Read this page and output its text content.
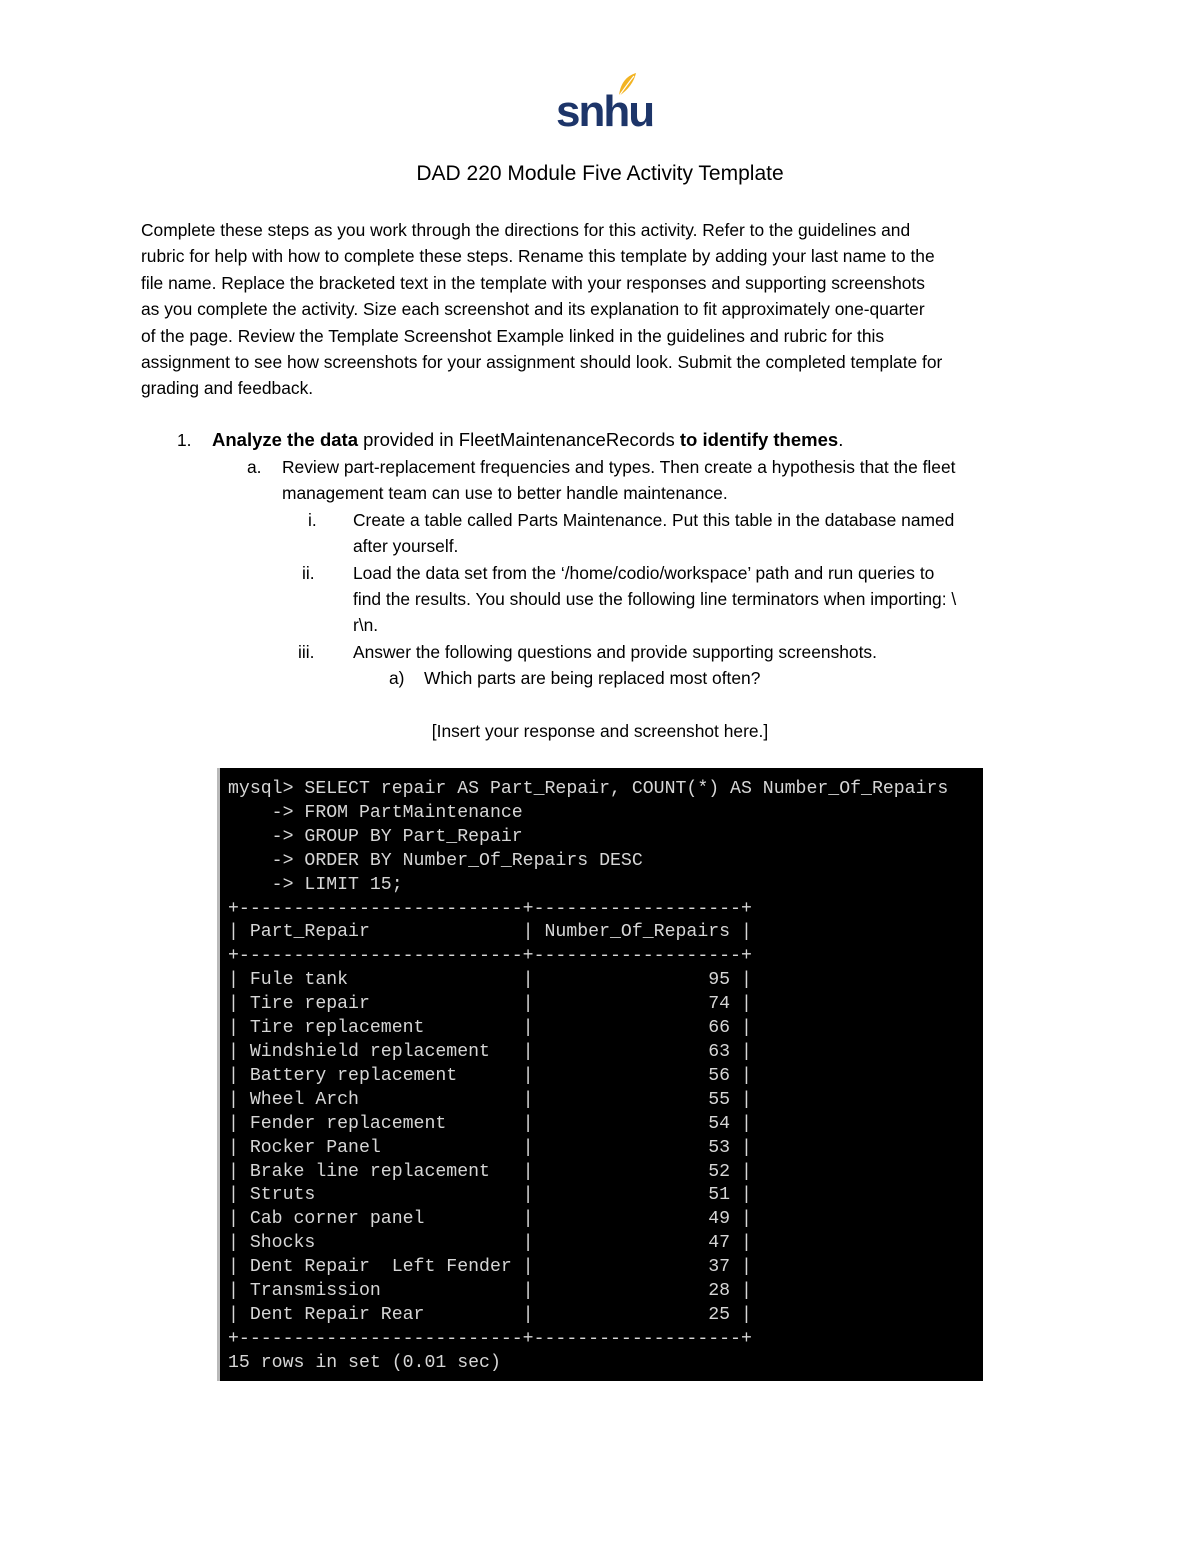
snhu
DAD 220 Module Five Activity Template

Complete these steps as you work through the directions for this activity. Refer to the guidelines and

rubric for help with how to complete these steps. Rename this template by adding your last name to the

file name. Replace the bracketed text in the template with your responses and supporting screenshots

as you complete the activity. Size each screenshot and its explanation to fit approximately one-quarter

of the page. Review the Template Screenshot Example linked in the guidelines and rubric for this

assignment to see how screenshots for your assignment should look. Submit the completed template for

grading and feedback.

1. Analyze the data provided in FleetMaintenanceRecords to identify themes.
a. Review part-replacement frequencies and types. Then create a hypothesis that the fleet
management team can use to better handle maintenance.
i. Create a table called Parts Maintenance. Put this table in the database named
after yourself.
ii. Load the data set from the ‘/home/codio/workspace’ path and run queries to
find the results. You should use the following line terminators when importing: \
r\n.
iii. Answer the following questions and provide supporting screenshots.
a) Which parts are being replaced most often?
[Insert your response and screenshot here.]
mysql> SELECT repair AS Part_Repair, COUNT(*) AS Number_Of_Repairs
-> FROM PartMaintenance
-> GROUP BY Part_Repair
-> ORDER BY Number_Of_Repairs DESC
-> LIMIT 15;
+--------------------------+-------------------+
| Part_Repair              | Number_Of_Repairs |
+--------------------------+-------------------+
| Fule tank                |                95 |
| Tire repair              |                74 |
| Tire replacement         |                66 |
| Windshield replacement   |                63 |
| Battery replacement      |                56 |
| Wheel Arch               |                55 |
| Fender replacement       |                54 |
| Rocker Panel             |                53 |
| Brake line replacement   |                52 |
| Struts                   |                51 |
| Cab corner panel         |                49 |
| Shocks                   |                47 |
| Dent Repair  Left Fender |                37 |
| Transmission             |                28 |
| Dent Repair Rear         |                25 |
+--------------------------+-------------------+
15 rows in set (0.01 sec)
